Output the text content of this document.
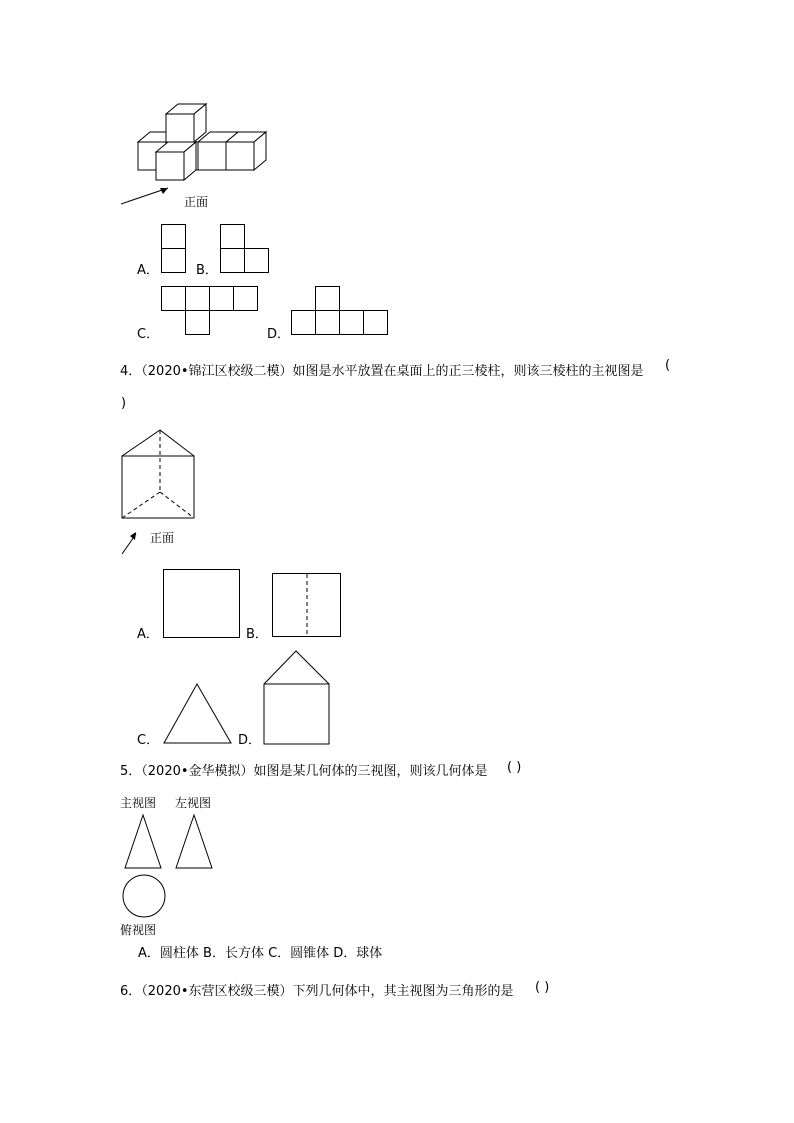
正面
A．	B．
C．	D．
4．（2020•锦江区校级二模）如图是水平放置在桌面上的正三棱柱，则该三棱柱的主视图是 (
)
正面
A．	B．
C．	D．
5．（2020•金华模拟）如图是某几何体的三视图，则该几何体是 ( )
主视图 左视图
俯视图
A．圆柱体 B．长方体 C．圆锥体 D．球体
6．（2020•东营区校级三模）下列几何体中，其主视图为三角形的是 ( )
